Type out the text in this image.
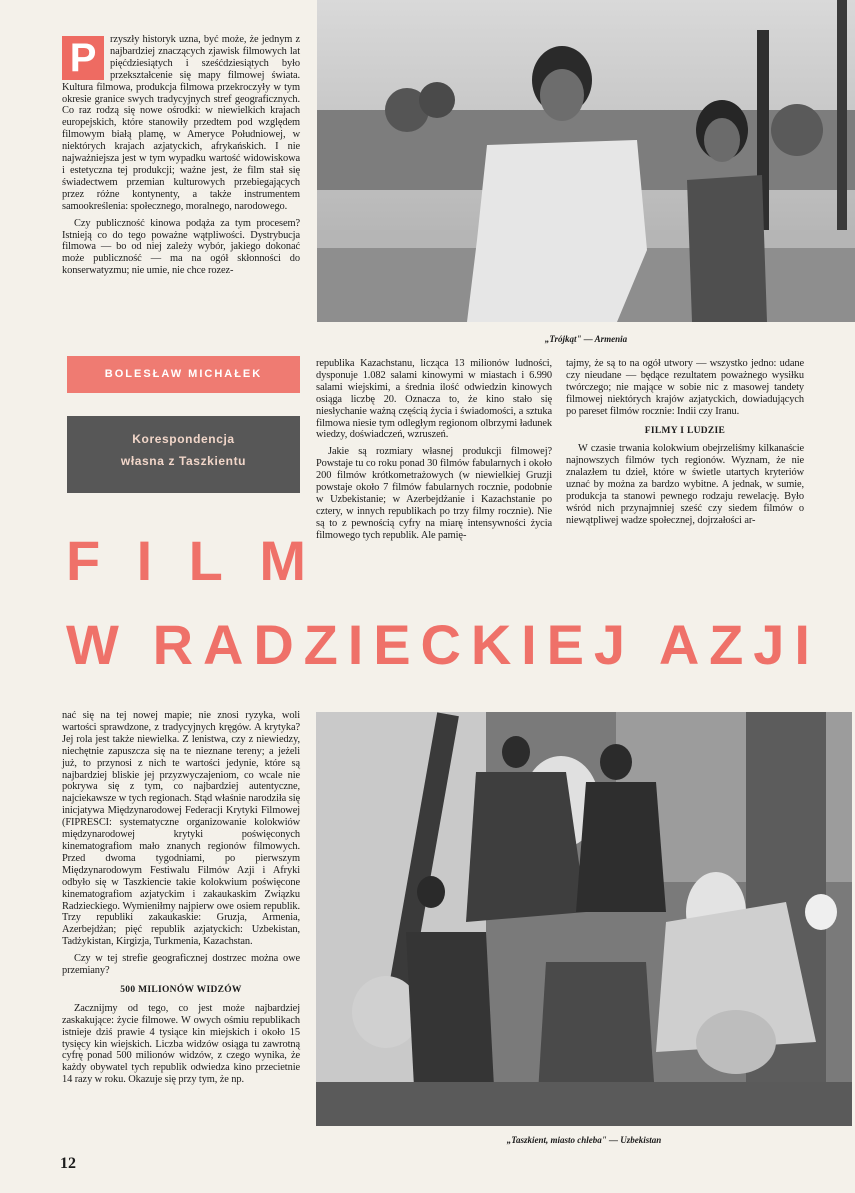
P	rzyszły historyk uzna, być może, że jednym z najbardziej znaczących zjawisk filmowych lat pięćdziesiątych i sześćdziesiątych było przekształcenie się mapy filmowej świata. Kultura filmowa, produkcja filmowa przekroczyły w tym okresie granice swych tradycyjnych stref geograficznych. Co raz rodzą się nowe ośrodki: w niewielkich krajach europejskich, które stanowiły przedtem pod względem filmowym białą plamę, w Ameryce Południowej, w niektórych krajach azjatyckich, afrykańskich. I nie najważniejsza jest w tym wypadku wartość widowiskowa i estetyczna tej produkcji; ważne jest, że film stał się świadectwem przemian kulturowych przebiegających przez różne kontynenty, a także instrumentem samookreślenia: społecznego, moralnego, narodowego.

Czy publiczność kinowa podąża za tym procesem? Istnieją co do tego poważne wątpliwości. Dystrybucja filmowa — bo od niej zależy wybór, jakiego dokonać może publiczność — ma na ogół skłonności do konserwatyzmu; nie umie, nie chce rozez-

„Trójkąt" — Armenia
BOLESŁAW MICHAŁEK
Korespondencja
własna z Taszkientu

republika Kazachstanu, licząca 13 milionów ludności, dysponuje 1.082 salami kinowymi w miastach i 6.990 salami wiejskimi, a średnia ilość odwiedzin kinowych osiąga liczbę 20. Oznacza to, że kino stało się niesłychanie ważną częścią życia i świadomości, a sztuka filmowa niesie tym odległym regionom olbrzymi ładunek wiedzy, doświadczeń, wzruszeń.

Jakie są rozmiary własnej produkcji filmowej? Powstaje tu co roku ponad 30 filmów fabularnych i około 200 filmów krótkometrażowych (w niewielkiej Gruzji powstaje około 7 filmów fabularnych rocznie, podobnie w Uzbekistanie; w Azerbejdżanie i Kazachstanie po cztery, w innych republikach po trzy filmy rocznie). Nie są to z pewnością cyfry na miarę intensywności życia filmowego tych republik. Ale pamię-

tajmy, że są to na ogół utwory — wszystko jedno: udane czy nieudane — będące rezultatem poważnego wysiłku twórczego; nie mające w sobie nic z masowej tandety filmowej niektórych krajów azjatyckich, dowiadujących po pareset filmów rocznie: Indii czy Iranu.

FILMY I LUDZIE

W czasie trwania kolokwium obejrzeliśmy kilkanaście najnowszych filmów tych regionów. Wyznam, że nie znalazłem tu dzieł, które w świetle utartych kryteriów uznać by można za bardzo wybitne. A jednak, w sumie, produkcja ta stanowi pewnego rodzaju rewelację. Było wśród nich przynajmniej sześć czy siedem filmów o niewątpliwej wadze społecznej, dojrzałości ar-

F I L M
W R A D Z I E C K I E J A Z J I

nać się na tej nowej mapie; nie znosi ryzyka, woli wartości sprawdzone, z tradycyjnych kręgów. A krytyka? Jej rola jest także niewielka. Z lenistwa, czy z niewiedzy, niechętnie zapuszcza się na te nieznane tereny; a jeżeli już, to przynosi z nich te wartości jedynie, które są najbardziej bliskie jej przyzwyczajeniom, co wcale nie pokrywa się z tym, co najbardziej autentyczne, najciekawsze w tych regionach. Stąd właśnie narodziła się inicjatywa Międzynarodowej Federacji Krytyki Filmowej (FIPRESCI: systematyczne organizowanie kolokwiów międzynarodowej krytyki poświęconych kinematografiom mało znanych regionów filmowych. Przed dwoma tygodniami, po pierwszym Międzynarodowym Festiwalu Filmów Azji i Afryki odbyło się w Taszkiencie takie kolokwium poświęcone kinematografiom azjatyckim i zakaukaskim Związku Radzieckiego. Wymieniłmy najpierw owe osiem republik. Trzy republiki zakaukaskie: Gruzja, Armenia, Azerbejdżan; pięć republik azjatyckich: Uzbekistan, Tadżykistan, Kirgizja, Turkmenia, Kazachstan.

Czy w tej strefie geograficznej dostrzec można owe przemiany?

500 MILIONÓW WIDZÓW

Zacznijmy od tego, co jest może najbardziej zaskakujące: życie filmowe. W owych ośmiu republikach istnieje dziś prawie 4 tysiące kin miejskich i około 15 tysięcy kin wiejskich. Liczba widzów osiąga tu zawrotną cyfrę ponad 500 milionów widzów, z czego wynika, że każdy obywatel tych republik odwiedza kino przecietnie 14 razy w roku. Okazuje się przy tym, że np.

„Taszkient, miasto chleba" — Uzbekistan
12
